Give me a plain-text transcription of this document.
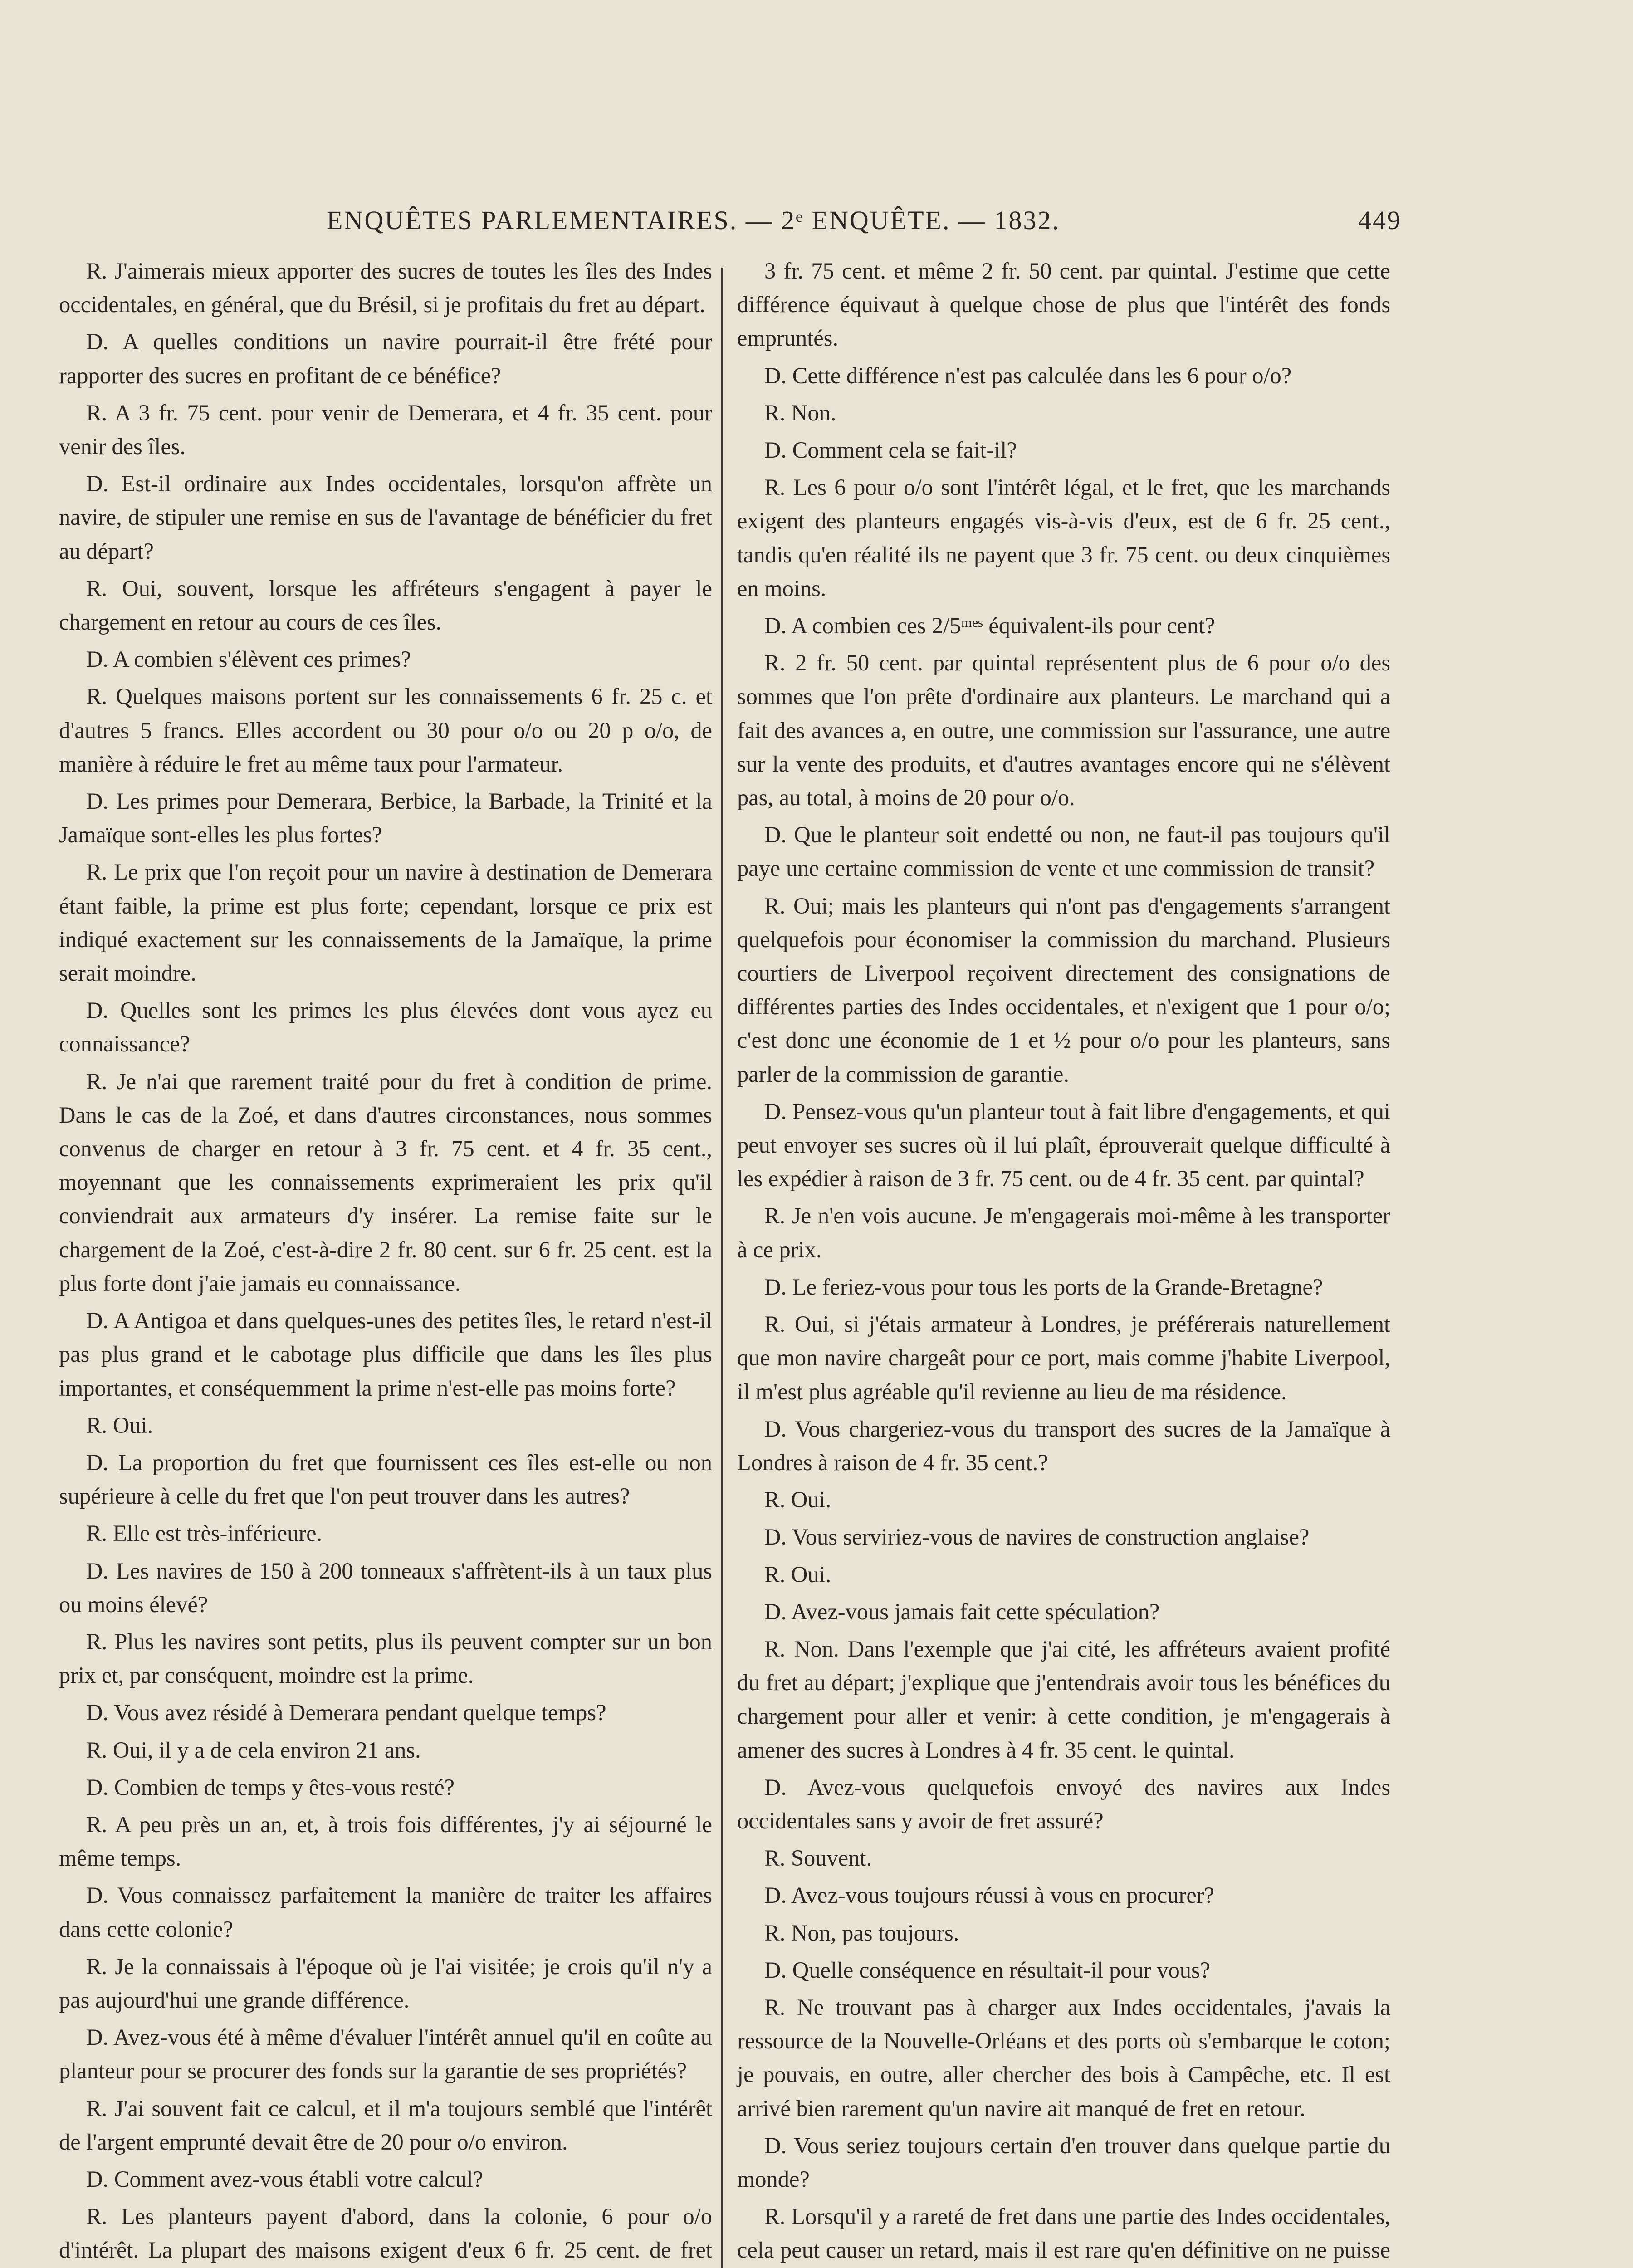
ENQUÊTES PARLEMENTAIRES. — 2ᵉ ENQUÊTE. — 1832.	449

R. J'aimerais mieux apporter des sucres de toutes les îles des Indes occidentales, en général, que du Brésil, si je profitais du fret au départ.

D. A quelles conditions un navire pourrait-il être frété pour rapporter des sucres en profitant de ce bénéfice?

R. A 3 fr. 75 cent. pour venir de Demerara, et 4 fr. 35 cent. pour venir des îles.

D. Est-il ordinaire aux Indes occidentales, lorsqu'on affrète un navire, de stipuler une remise en sus de l'avantage de bénéficier du fret au départ?

R. Oui, souvent, lorsque les affréteurs s'engagent à payer le chargement en retour au cours de ces îles.

D. A combien s'élèvent ces primes?

R. Quelques maisons portent sur les connaissements 6 fr. 25 c. et d'autres 5 francs. Elles accordent ou 30 pour o/o ou 20 p o/o, de manière à réduire le fret au même taux pour l'armateur.

D. Les primes pour Demerara, Berbice, la Barbade, la Trinité et la Jamaïque sont-elles les plus fortes?

R. Le prix que l'on reçoit pour un navire à destination de Demerara étant faible, la prime est plus forte; cependant, lorsque ce prix est indiqué exactement sur les connaissements de la Jamaïque, la prime serait moindre.

D. Quelles sont les primes les plus élevées dont vous ayez eu connaissance?

R. Je n'ai que rarement traité pour du fret à condition de prime. Dans le cas de la Zoé, et dans d'autres circonstances, nous sommes convenus de charger en retour à 3 fr. 75 cent. et 4 fr. 35 cent., moyennant que les connaissements exprimeraient les prix qu'il conviendrait aux armateurs d'y insérer. La remise faite sur le chargement de la Zoé, c'est-à-dire 2 fr. 80 cent. sur 6 fr. 25 cent. est la plus forte dont j'aie jamais eu connaissance.

D. A Antigoa et dans quelques-unes des petites îles, le retard n'est-il pas plus grand et le cabotage plus difficile que dans les îles plus importantes, et conséquemment la prime n'est-elle pas moins forte?

R. Oui.

D. La proportion du fret que fournissent ces îles est-elle ou non supérieure à celle du fret que l'on peut trouver dans les autres?

R. Elle est très-inférieure.

D. Les navires de 150 à 200 tonneaux s'affrètent-ils à un taux plus ou moins élevé?

R. Plus les navires sont petits, plus ils peuvent compter sur un bon prix et, par conséquent, moindre est la prime.

D. Vous avez résidé à Demerara pendant quelque temps?

R. Oui, il y a de cela environ 21 ans.

D. Combien de temps y êtes-vous resté?

R. A peu près un an, et, à trois fois différentes, j'y ai séjourné le même temps.

D. Vous connaissez parfaitement la manière de traiter les affaires dans cette colonie?

R. Je la connaissais à l'époque où je l'ai visitée; je crois qu'il n'y a pas aujourd'hui une grande différence.

D. Avez-vous été à même d'évaluer l'intérêt annuel qu'il en coûte au planteur pour se procurer des fonds sur la garantie de ses propriétés?

R. J'ai souvent fait ce calcul, et il m'a toujours semblé que l'intérêt de l'argent emprunté devait être de 20 pour o/o environ.

D. Comment avez-vous établi votre calcul?

R. Les planteurs payent d'abord, dans la colonie, 6 pour o/o d'intérêt. La plupart des maisons exigent d'eux 6 fr. 25 cent. de fret

3 fr. 75 cent. et même 2 fr. 50 cent. par quintal. J'estime que cette différence équivaut à quelque chose de plus que l'intérêt des fonds empruntés.

D. Cette différence n'est pas calculée dans les 6 pour o/o?

R. Non.

D. Comment cela se fait-il?

R. Les 6 pour o/o sont l'intérêt légal, et le fret, que les marchands exigent des planteurs engagés vis-à-vis d'eux, est de 6 fr. 25 cent., tandis qu'en réalité ils ne payent que 3 fr. 75 cent. ou deux cinquièmes en moins.

D. A combien ces 2/5ᵐᵉˢ équivalent-ils pour cent?

R. 2 fr. 50 cent. par quintal représentent plus de 6 pour o/o des sommes que l'on prête d'ordinaire aux planteurs. Le marchand qui a fait des avances a, en outre, une commission sur l'assurance, une autre sur la vente des produits, et d'autres avantages encore qui ne s'élèvent pas, au total, à moins de 20 pour o/o.

D. Que le planteur soit endetté ou non, ne faut-il pas toujours qu'il paye une certaine commission de vente et une commission de transit?

R. Oui; mais les planteurs qui n'ont pas d'engagements s'arrangent quelquefois pour économiser la commission du marchand. Plusieurs courtiers de Liverpool reçoivent directement des consignations de différentes parties des Indes occidentales, et n'exigent que 1 pour o/o; c'est donc une économie de 1 et ½ pour o/o pour les planteurs, sans parler de la commission de garantie.

D. Pensez-vous qu'un planteur tout à fait libre d'engagements, et qui peut envoyer ses sucres où il lui plaît, éprouverait quelque difficulté à les expédier à raison de 3 fr. 75 cent. ou de 4 fr. 35 cent. par quintal?

R. Je n'en vois aucune. Je m'engagerais moi-même à les transporter à ce prix.

D. Le feriez-vous pour tous les ports de la Grande-Bretagne?

R. Oui, si j'étais armateur à Londres, je préférerais naturellement que mon navire chargeât pour ce port, mais comme j'habite Liverpool, il m'est plus agréable qu'il revienne au lieu de ma résidence.

D. Vous chargeriez-vous du transport des sucres de la Jamaïque à Londres à raison de 4 fr. 35 cent.?

R. Oui.

D. Vous serviriez-vous de navires de construction anglaise?

R. Oui.

D. Avez-vous jamais fait cette spéculation?

R. Non. Dans l'exemple que j'ai cité, les affréteurs avaient profité du fret au départ; j'explique que j'entendrais avoir tous les bénéfices du chargement pour aller et venir: à cette condition, je m'engagerais à amener des sucres à Londres à 4 fr. 35 cent. le quintal.

D. Avez-vous quelquefois envoyé des navires aux Indes occidentales sans y avoir de fret assuré?

R. Souvent.

D. Avez-vous toujours réussi à vous en procurer?

R. Non, pas toujours.

D. Quelle conséquence en résultait-il pour vous?

R. Ne trouvant pas à charger aux Indes occidentales, j'avais la ressource de la Nouvelle-Orléans et des ports où s'embarque le coton; je pouvais, en outre, aller chercher des bois à Campêche, etc. Il est arrivé bien rarement qu'un navire ait manqué de fret en retour.

D. Vous seriez toujours certain d'en trouver dans quelque partie du monde?

R. Lorsqu'il y a rareté de fret dans une partie des Indes occidentales, cela peut causer un retard, mais il est rare qu'en définitive on ne puisse
